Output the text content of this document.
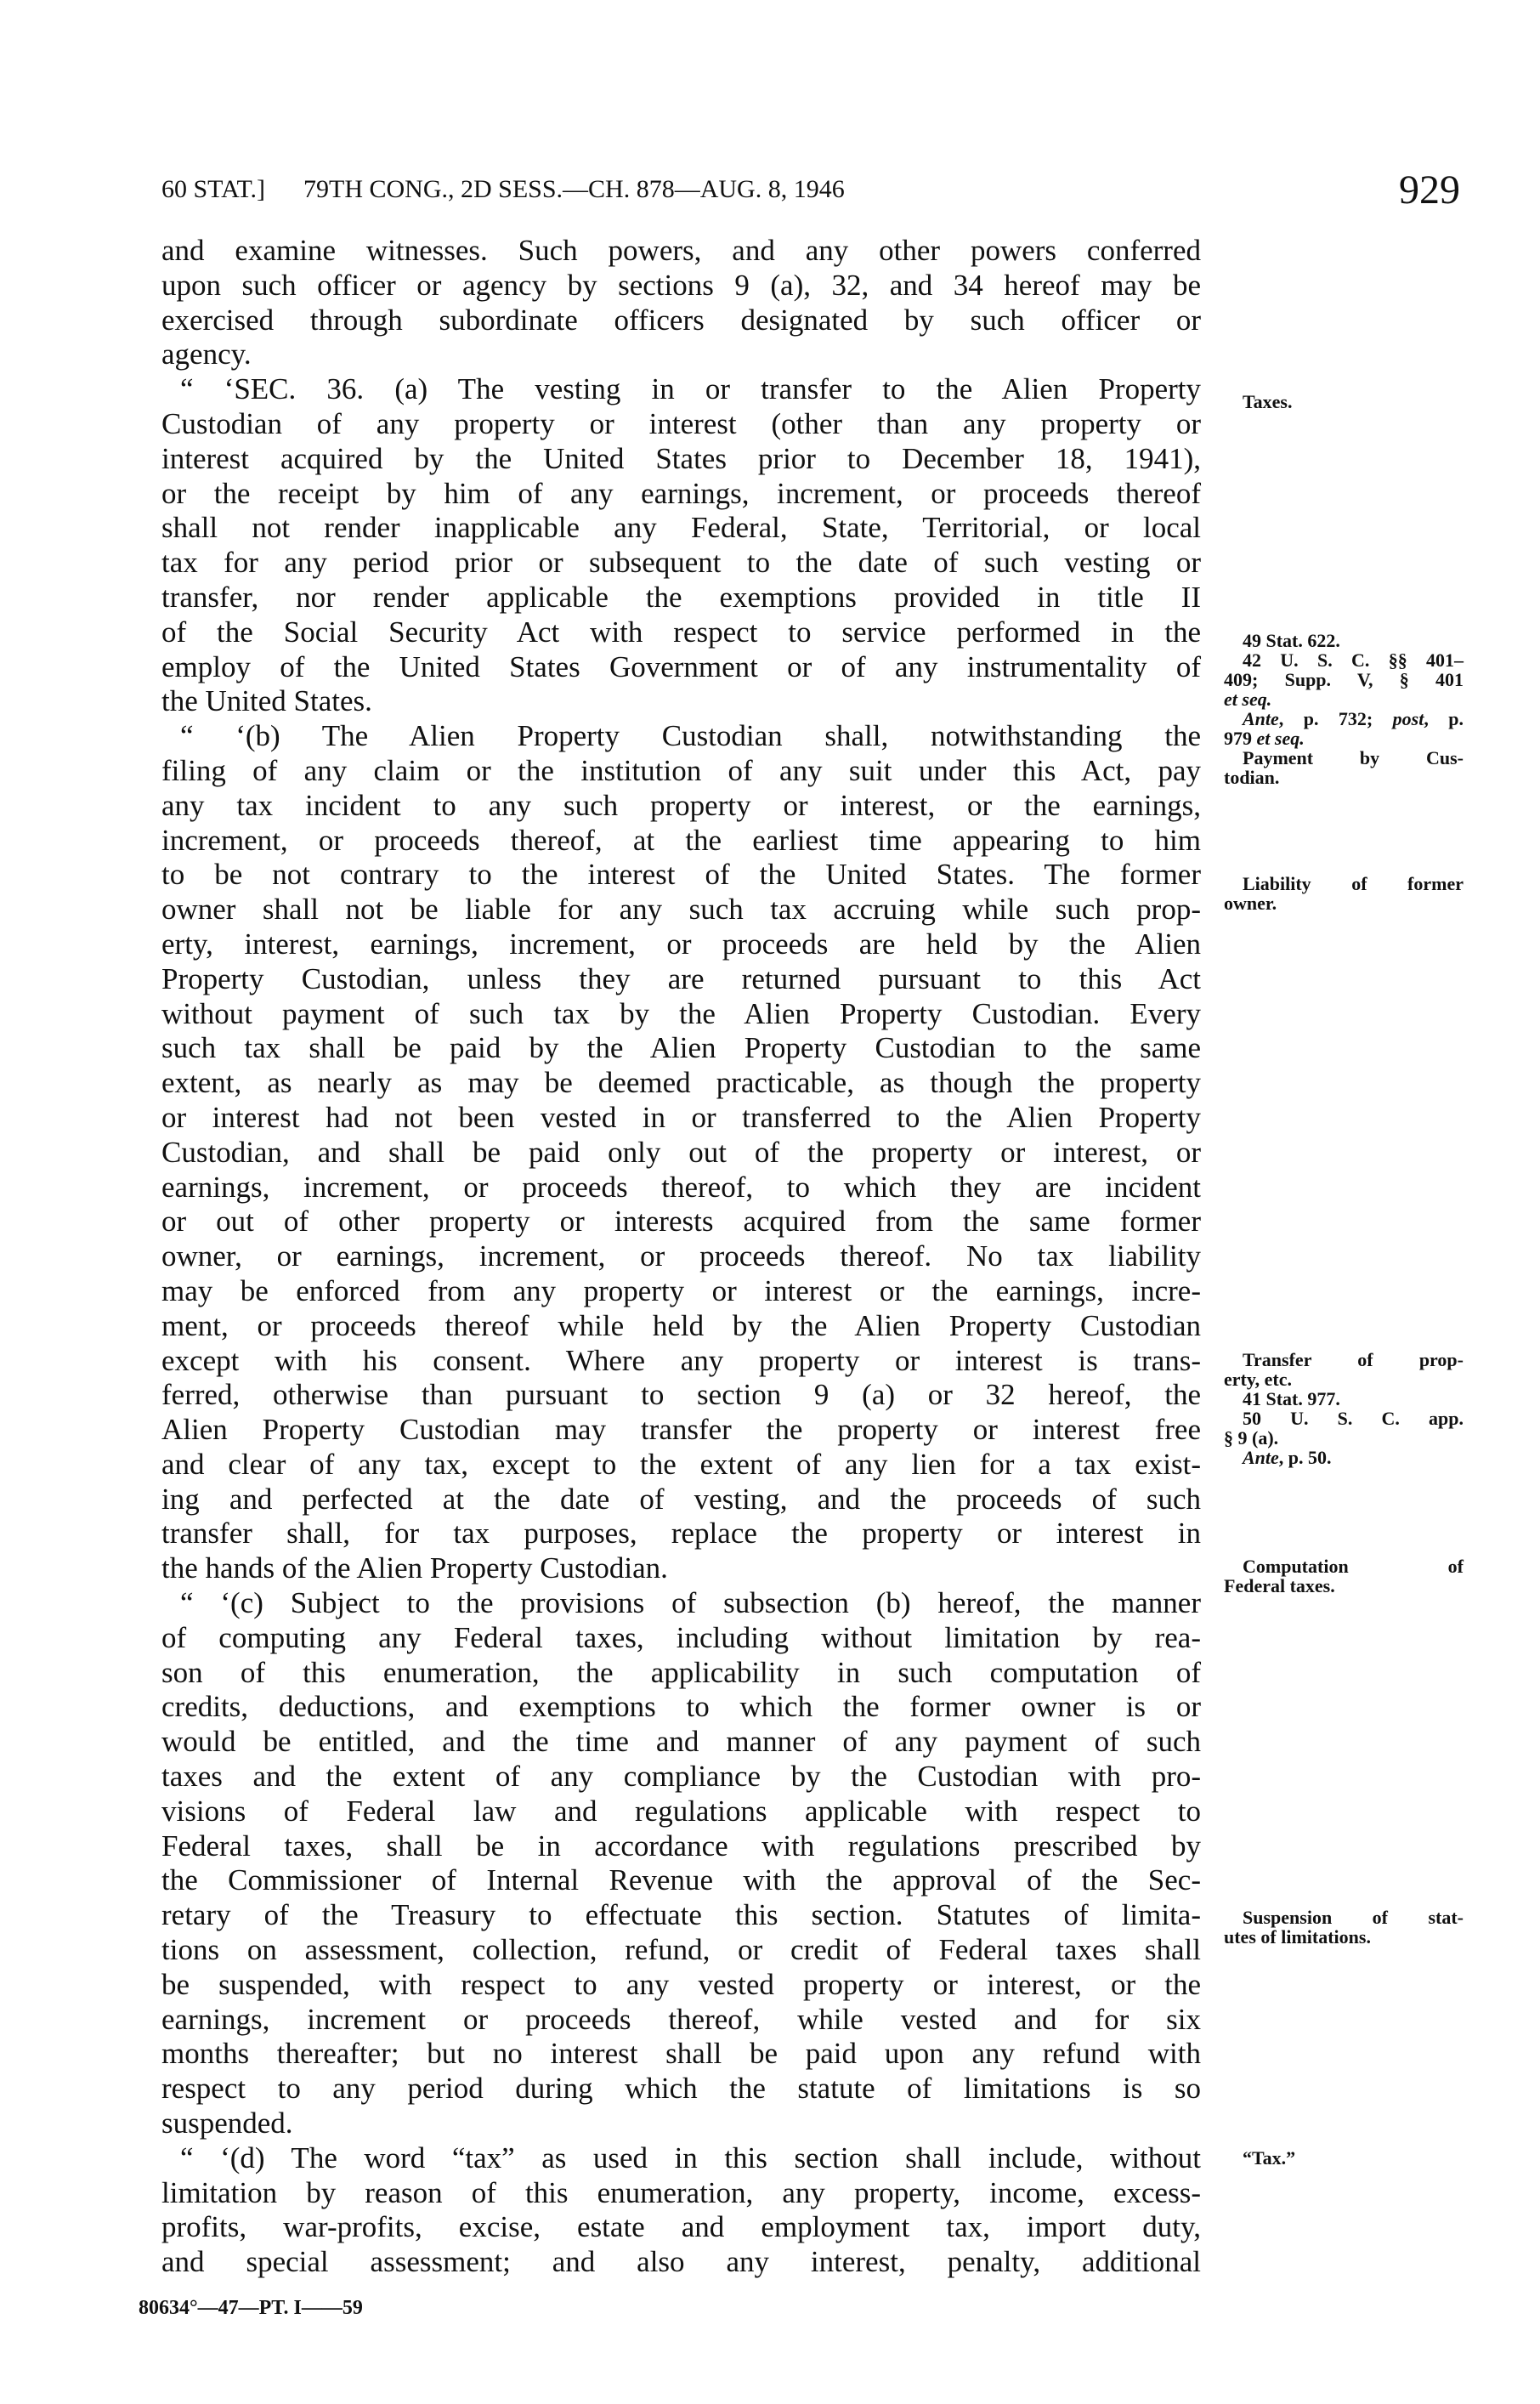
60 STAT.] 79TH CONG., 2D SESS.—CH. 878—AUG. 8, 1946	929
and examine witnesses. Such powers, and any other powers conferred
upon such officer or agency by sections 9 (a), 32, and 34 hereof may be
exercised through subordinate officers designated by such officer or
agency.
“ ‘SEC. 36. (a) The vesting in or transfer to the Alien Property
Custodian of any property or interest (other than any property or
interest acquired by the United States prior to December 18, 1941),
or the receipt by him of any earnings, increment, or proceeds thereof
shall not render inapplicable any Federal, State, Territorial, or local
tax for any period prior or subsequent to the date of such vesting or
transfer, nor render applicable the exemptions provided in title II
of the Social Security Act with respect to service performed in the
employ of the United States Government or of any instrumentality of
the United States.
“ ‘(b) The Alien Property Custodian shall, notwithstanding the
filing of any claim or the institution of any suit under this Act, pay
any tax incident to any such property or interest, or the earnings,
increment, or proceeds thereof, at the earliest time appearing to him
to be not contrary to the interest of the United States. The former
owner shall not be liable for any such tax accruing while such prop-
erty, interest, earnings, increment, or proceeds are held by the Alien
Property Custodian, unless they are returned pursuant to this Act
without payment of such tax by the Alien Property Custodian. Every
such tax shall be paid by the Alien Property Custodian to the same
extent, as nearly as may be deemed practicable, as though the property
or interest had not been vested in or transferred to the Alien Property
Custodian, and shall be paid only out of the property or interest, or
earnings, increment, or proceeds thereof, to which they are incident
or out of other property or interests acquired from the same former
owner, or earnings, increment, or proceeds thereof. No tax liability
may be enforced from any property or interest or the earnings, incre-
ment, or proceeds thereof while held by the Alien Property Custodian
except with his consent. Where any property or interest is trans-
ferred, otherwise than pursuant to section 9 (a) or 32 hereof, the
Alien Property Custodian may transfer the property or interest free
and clear of any tax, except to the extent of any lien for a tax exist-
ing and perfected at the date of vesting, and the proceeds of such
transfer shall, for tax purposes, replace the property or interest in
the hands of the Alien Property Custodian.
“ ‘(c) Subject to the provisions of subsection (b) hereof, the manner
of computing any Federal taxes, including without limitation by rea-
son of this enumeration, the applicability in such computation of
credits, deductions, and exemptions to which the former owner is or
would be entitled, and the time and manner of any payment of such
taxes and the extent of any compliance by the Custodian with pro-
visions of Federal law and regulations applicable with respect to
Federal taxes, shall be in accordance with regulations prescribed by
the Commissioner of Internal Revenue with the approval of the Sec-
retary of the Treasury to effectuate this section. Statutes of limita-
tions on assessment, collection, refund, or credit of Federal taxes shall
be suspended, with respect to any vested property or interest, or the
earnings, increment or proceeds thereof, while vested and for six
months thereafter; but no interest shall be paid upon any refund with
respect to any period during which the statute of limitations is so
suspended.
“ ‘(d) The word “tax” as used in this section shall include, without
limitation by reason of this enumeration, any property, income, excess-
profits, war-profits, excise, estate and employment tax, import duty,
and special assessment; and also any interest, penalty, additional
Taxes.
49 Stat. 622.
42 U. S. C. §§ 401–
409; Supp. V, § 401
et seq.
Ante, p. 732; post, p.
979 et seq.
Payment by Cus-
todian.
Liability of former
owner.
Transfer of prop-
erty, etc.
41 Stat. 977.
50 U. S. C. app.
§ 9 (a).
Ante, p. 50.
Computation of
Federal taxes.
Suspension of stat-
utes of limitations.
“Tax.”
80634°—47—PT. I——59
